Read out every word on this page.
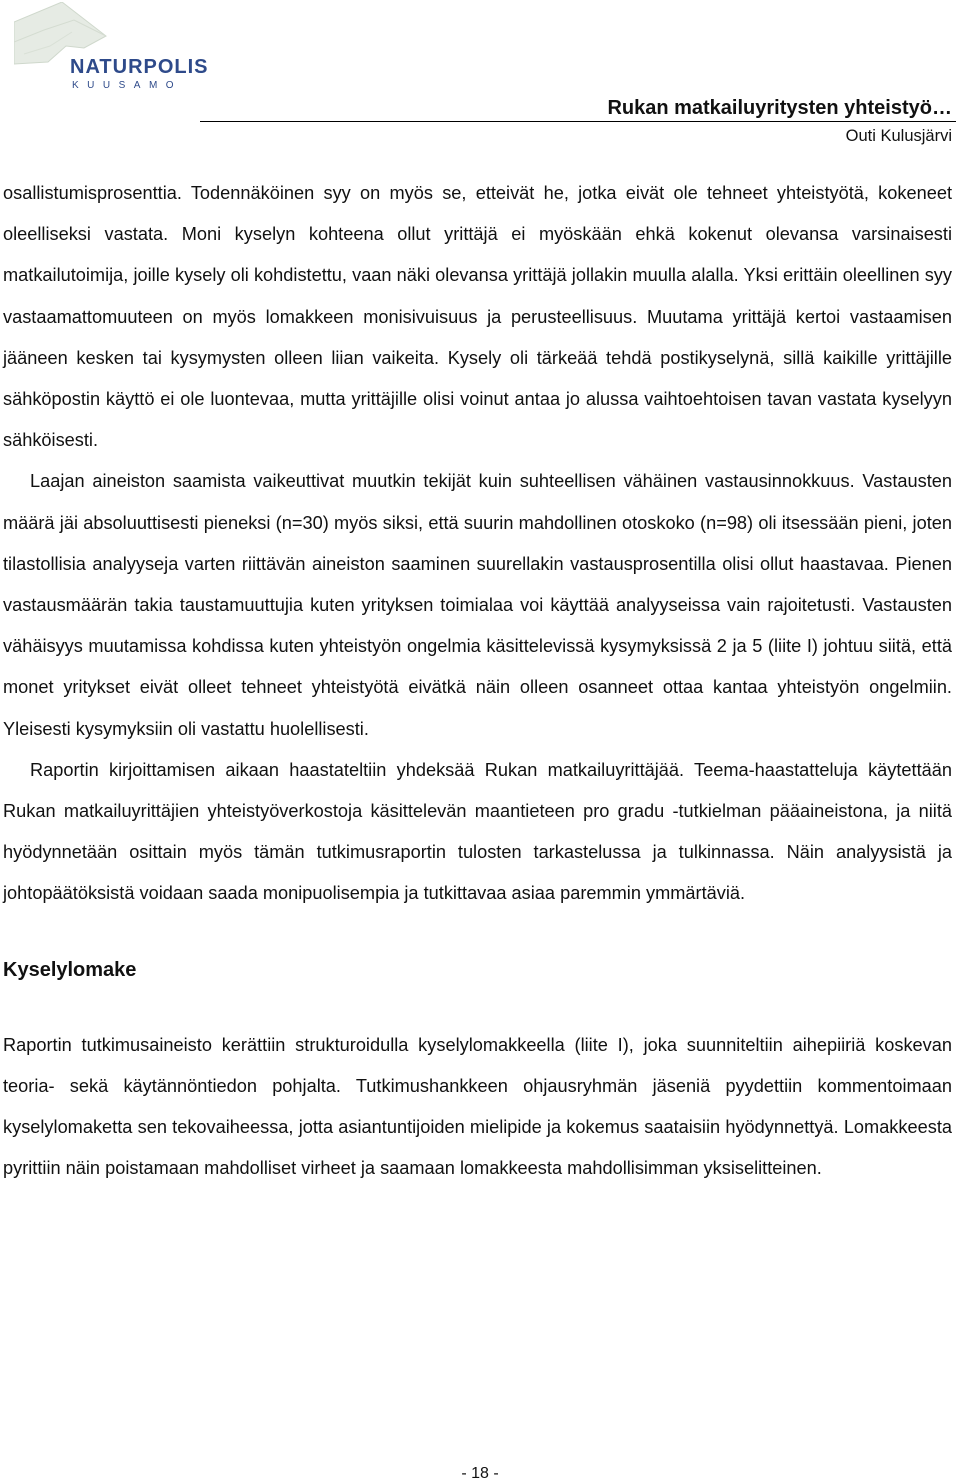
NATURPOLIS
KUUSAMO
Rukan matkailuyritysten yhteistyö…
Outi Kulusjärvi

osallistumisprosenttia. Todennäköinen syy on myös se, etteivät he, jotka eivät ole tehneet yhteistyötä, kokeneet oleelliseksi vastata. Moni kyselyn kohteena ollut yrittäjä ei myöskään ehkä kokenut olevansa varsinaisesti matkailutoimija, joille kysely oli kohdistettu, vaan näki olevansa yrittäjä jollakin muulla alalla. Yksi erittäin oleellinen syy vastaamattomuuteen on myös lomakkeen monisivuisuus ja perusteellisuus. Muutama yrittäjä kertoi vastaamisen jääneen kesken tai kysymysten olleen liian vaikeita. Kysely oli tärkeää tehdä postikyselynä, sillä kaikille yrittäjille sähköpostin käyttö ei ole luontevaa, mutta yrittäjille olisi voinut antaa jo alussa vaihtoehtoisen tavan vastata kyselyyn sähköisesti.

Laajan aineiston saamista vaikeuttivat muutkin tekijät kuin suhteellisen vähäinen vastausinnokkuus. Vastausten määrä jäi absoluuttisesti pieneksi (n=30) myös siksi, että suurin mahdollinen otoskoko (n=98) oli itsessään pieni, joten tilastollisia analyyseja varten riittävän aineiston saaminen suurellakin vastausprosentilla olisi ollut haastavaa. Pienen vastausmäärän takia taustamuuttujia kuten yrityksen toimialaa voi käyttää analyyseissa vain rajoitetusti. Vastausten vähäisyys muutamissa kohdissa kuten yhteistyön ongelmia käsittelevissä kysymyksissä 2 ja 5 (liite I) johtuu siitä, että monet yritykset eivät olleet tehneet yhteistyötä eivätkä näin olleen osanneet ottaa kantaa yhteistyön ongelmiin. Yleisesti kysymyksiin oli vastattu huolellisesti.

Raportin kirjoittamisen aikaan haastateltiin yhdeksää Rukan matkailuyrittäjää. Teema-haastatteluja käytettään Rukan matkailuyrittäjien yhteistyöverkostoja käsittelevän maantieteen pro gradu -tutkielman pääaineistona, ja niitä hyödynnetään osittain myös tämän tutkimusraportin tulosten tarkastelussa ja tulkinnassa. Näin analyysistä ja johtopäätöksistä voidaan saada monipuolisempia ja tutkittavaa asiaa paremmin ymmärtäviä.

Kyselylomake

Raportin tutkimusaineisto kerättiin strukturoidulla kyselylomakkeella (liite I), joka suunniteltiin aihepiiriä koskevan teoria- sekä käytännöntiedon pohjalta. Tutkimushankkeen ohjausryhmän jäseniä pyydettiin kommentoimaan kyselylomaketta sen tekovaiheessa, jotta asiantuntijoiden mielipide ja kokemus saataisiin hyödynnettyä. Lomakkeesta pyrittiin näin poistamaan mahdolliset virheet ja saamaan lomakkeesta mahdollisimman yksiselitteinen.

- 18 -
